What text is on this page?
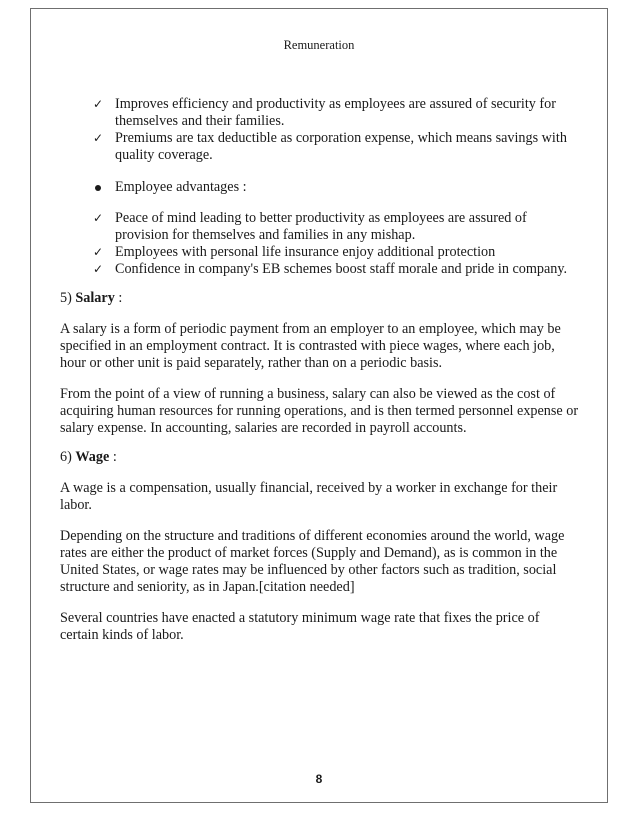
Remuneration
✓ Improves efficiency and productivity as employees are assured of security for themselves and their families.
✓ Premiums are tax deductible as corporation expense, which means savings with quality coverage.
Employee advantages :
✓ Peace of mind leading to better productivity as employees are assured of provision for themselves and families in any mishap.
✓ Employees with personal life insurance enjoy additional protection
✓ Confidence in company's EB schemes boost staff morale and pride in company.

5) Salary :

A salary is a form of periodic payment from an employer to an employee, which may be specified in an employment contract. It is contrasted with piece wages, where each job, hour or other unit is paid separately, rather than on a periodic basis.

From the point of a view of running a business, salary can also be viewed as the cost of acquiring human resources for running operations, and is then termed personnel expense or salary expense. In accounting, salaries are recorded in payroll accounts.

6) Wage :

A wage is a compensation, usually financial, received by a worker in exchange for their labor.

Depending on the structure and traditions of different economies around the world, wage rates are either the product of market forces (Supply and Demand), as is common in the United States, or wage rates may be influenced by other factors such as tradition, social structure and seniority, as in Japan.[citation needed]

Several countries have enacted a statutory minimum wage rate that fixes the price of certain kinds of labor.

8
